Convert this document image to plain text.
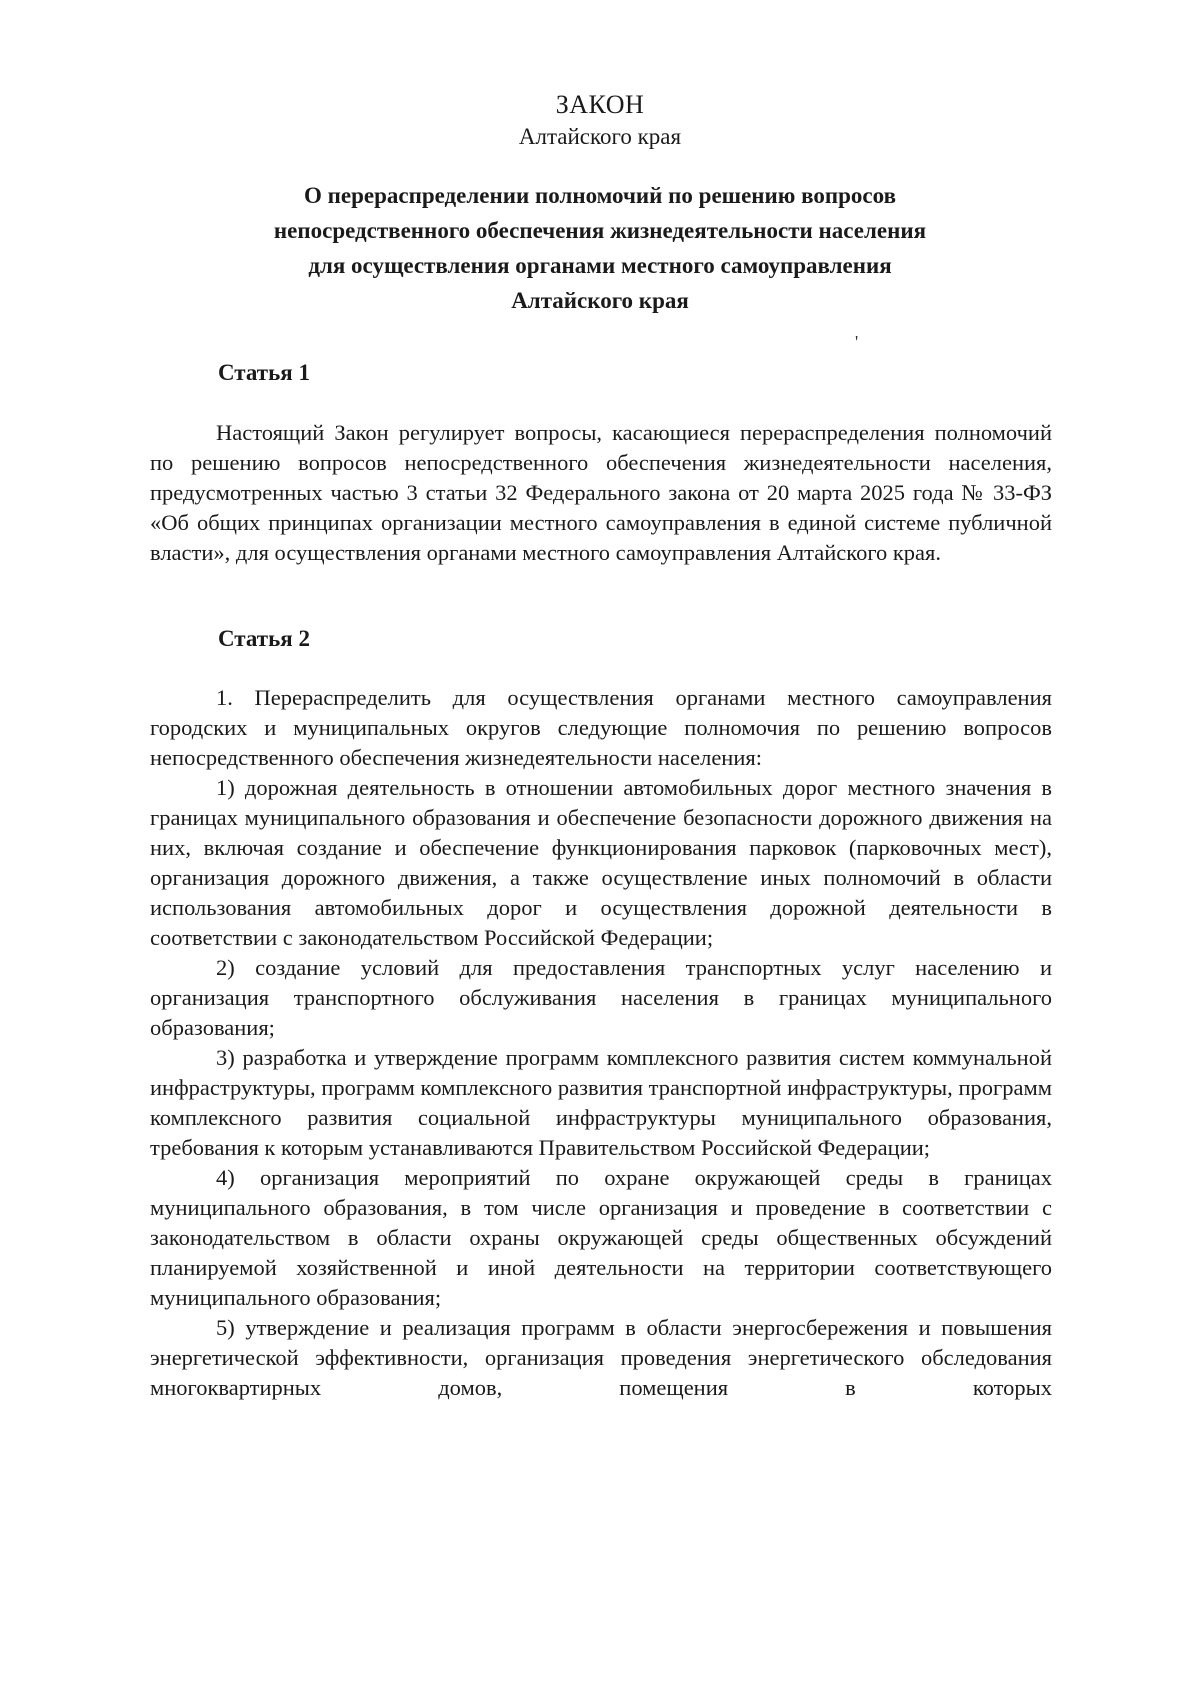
ЗАКОН
Алтайского края
О перераспределении полномочий по решению вопросов
непосредственного обеспечения жизнедеятельности населения
для осуществления органами местного самоуправления
Алтайского края
'
Статья 1

Настоящий Закон регулирует вопросы, касающиеся перераспределения полномочий по решению вопросов непосредственного обеспечения жизнедеятельности населения, предусмотренных частью 3 статьи 32 Федерального закона от 20 марта 2025 года № 33-ФЗ «Об общих принципах организации местного самоуправления в единой системе публичной власти», для осуществления органами местного самоуправления Алтайского края.

Статья 2

1. Перераспределить для осуществления органами местного самоуправления городских и муниципальных округов следующие полномочия по решению вопросов непосредственного обеспечения жизнедеятельности населения:

1) дорожная деятельность в отношении автомобильных дорог местного значения в границах муниципального образования и обеспечение безопасности дорожного движения на них, включая создание и обеспечение функционирования парковок (парковочных мест), организация дорожного движения, а также осуществление иных полномочий в области использования автомобильных дорог и осуществления дорожной деятельности в соответствии с законодательством Российской Федерации;

2) создание условий для предоставления транспортных услуг населению и организация транспортного обслуживания населения в границах муниципального образования;

3) разработка и утверждение программ комплексного развития систем коммунальной инфраструктуры, программ комплексного развития транспортной инфраструктуры, программ комплексного развития социальной инфраструктуры муниципального образования, требования к которым устанавливаются Правительством Российской Федерации;

4) организация мероприятий по охране окружающей среды в границах муниципального образования, в том числе организация и проведение в соответствии с законодательством в области охраны окружающей среды общественных обсуждений планируемой хозяйственной и иной деятельности на территории соответствующего муниципального образования;

5) утверждение и реализация программ в области энергосбережения и повышения энергетической эффективности, организация проведения энергетического обследования многоквартирных домов, помещения в которых
